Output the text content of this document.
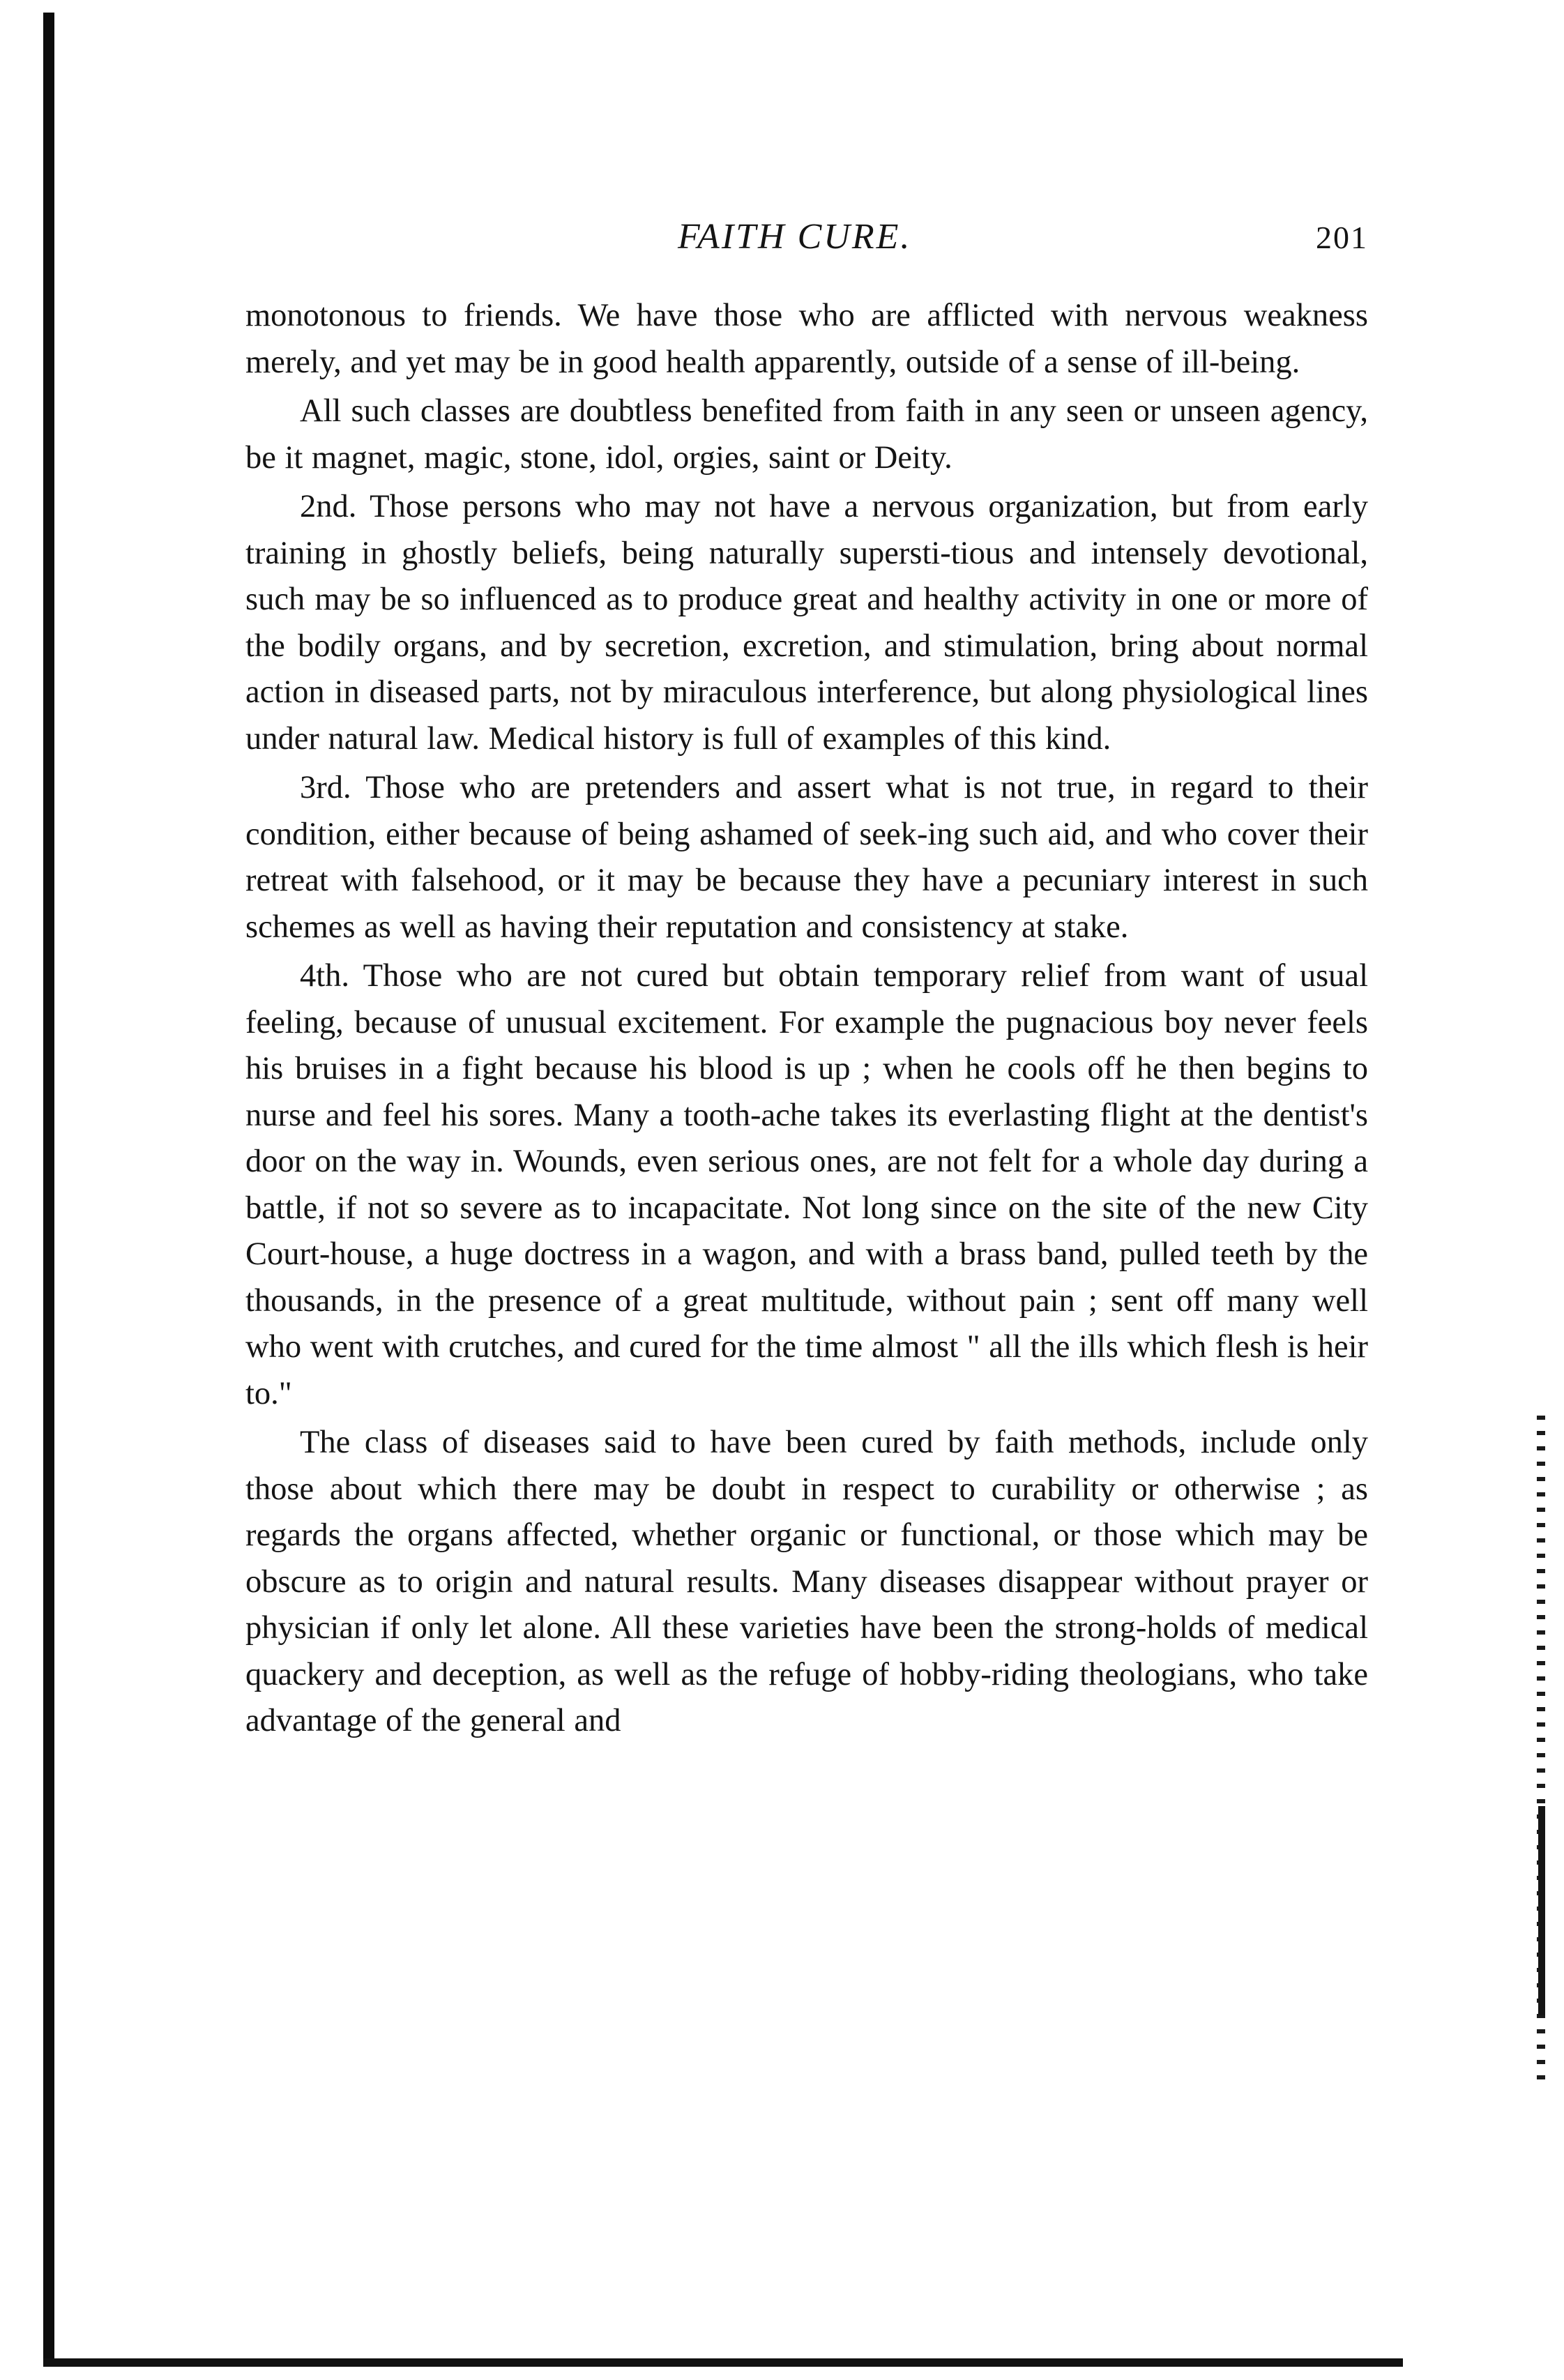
FAITH CURE.	201

monotonous to friends. We have those who are afflicted with nervous weakness merely, and yet may be in good health apparently, outside of a sense of ill-being.

All such classes are doubtless benefited from faith in any seen or unseen agency, be it magnet, magic, stone, idol, orgies, saint or Deity.

2nd. Those persons who may not have a nervous organization, but from early training in ghostly beliefs, being naturally supersti-tious and intensely devotional, such may be so influenced as to produce great and healthy activity in one or more of the bodily organs, and by secretion, excretion, and stimulation, bring about normal action in diseased parts, not by miraculous interference, but along physiological lines under natural law. Medical history is full of examples of this kind.

3rd. Those who are pretenders and assert what is not true, in regard to their condition, either because of being ashamed of seek-ing such aid, and who cover their retreat with falsehood, or it may be because they have a pecuniary interest in such schemes as well as having their reputation and consistency at stake.

4th. Those who are not cured but obtain temporary relief from want of usual feeling, because of unusual excitement. For example the pugnacious boy never feels his bruises in a fight because his blood is up ; when he cools off he then begins to nurse and feel his sores. Many a tooth-ache takes its everlasting flight at the dentist's door on the way in. Wounds, even serious ones, are not felt for a whole day during a battle, if not so severe as to incapacitate. Not long since on the site of the new City Court-house, a huge doctress in a wagon, and with a brass band, pulled teeth by the thousands, in the presence of a great multitude, without pain ; sent off many well who went with crutches, and cured for the time almost " all the ills which flesh is heir to."

The class of diseases said to have been cured by faith methods, include only those about which there may be doubt in respect to curability or otherwise ; as regards the organs affected, whether organic or functional, or those which may be obscure as to origin and natural results. Many diseases disappear without prayer or physician if only let alone. All these varieties have been the strong-holds of medical quackery and deception, as well as the refuge of hobby-riding theologians, who take advantage of the general and
